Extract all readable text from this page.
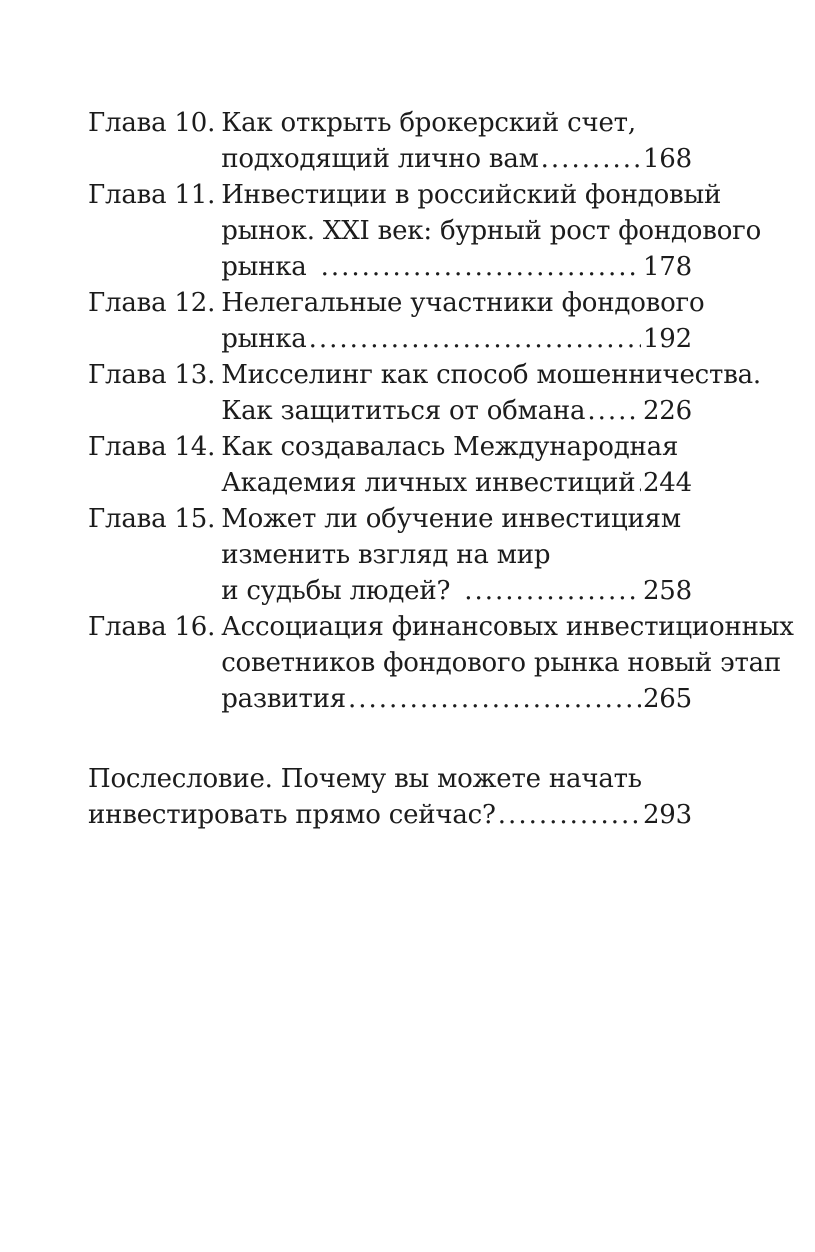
Глава 10. Как открыть брокерский счет,
подходящий лично вам .....	168
Глава 11. Инвестиции в российский фондовый
рынок. XXI век: бурный рост фондового
рынка .....	178
Глава 12. Нелегальные участники фондового
рынка .....	192
Глава 13. Мисселинг как способ мошенничества.
Как защититься от обмана ..... 226
Глава 14. Как создавалась Международная
Академия личных инвестиций ..... 244
Глава 15. Может ли обучение инвестициям
изменить взгляд на мир
и судьбы людей? .....	258
Глава 16. Ассоциация финансовых инвестиционных
советников фондового рынка новый этап
развития .....	265
Послесловие. Почему вы можете начать
инвестировать прямо сейчас? .....	293
